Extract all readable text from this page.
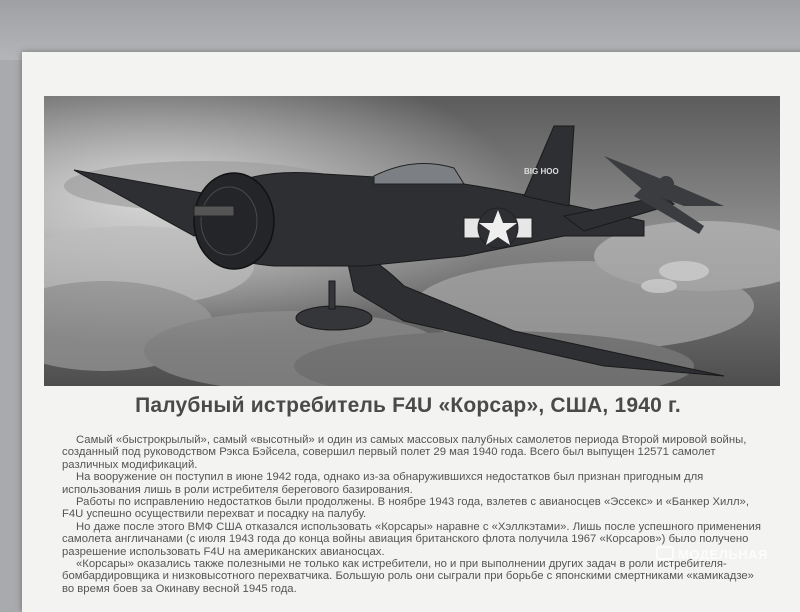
BIG HOO
Палубный истребитель F4U «Корсар», США, 1940 г.

Самый «быстрокрылый», самый «высотный» и один из самых массовых палубных самолетов периода Второй мировой войны, созданный под руководством Рэкса Бэйсела, совершил первый полет 29 мая 1940 года. Всего был выпущен 12571 самолет различных модификаций.

На вооружение он поступил в июне 1942 года, однако из-за обнаружившихся недостатков был признан пригодным для использования лишь в роли истребителя берегового базирования.

Работы по исправлению недостатков были продолжены. В ноябре 1943 года, взлетев с авианосцев «Эссекс» и «Банкер Хилл», F4U успешно осуществили перехват и посадку на палубу.

Но даже после этого ВМФ США отказался использовать «Корсары» наравне с «Хэллкэтами». Лишь после успешного применения самолета англичанами (с июля 1943 года до конца войны авиация британского флота получила 1967 «Корсаров») было получено разрешение использовать F4U на американских авианосцах.

«Корсары» оказались также полезными не только как истребители, но и при выполнении других задач в роли истребителя-бомбардировщика и низковысотного перехватчика. Большую роль они сыграли при борьбе с японскими смертниками «камикадзе» во время боев за Окинаву весной 1945 года.

МОДЕЛЬНАЯ
